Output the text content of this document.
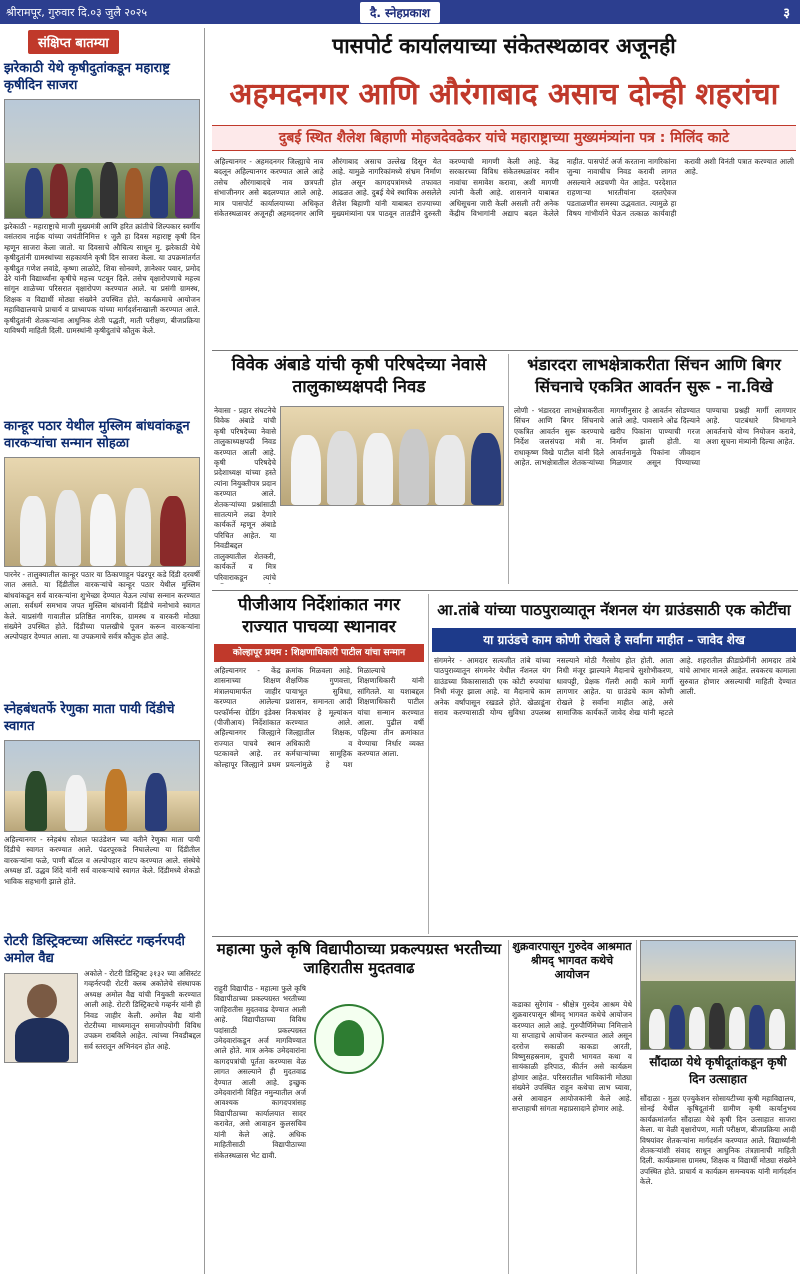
श्रीरामपूर, गुरुवार दि.०३ जुलै २०२५	दै. स्नेहप्रकाश	३
संक्षिप्त बातम्या
झरेकाठी येथे कृषीदुतांकडून महाराष्ट्र कृषीदिन साजरा
झरेकाठी - महाराष्ट्राचे माजी मुख्यमंत्री आणि हरित क्रांतीचे शिल्पकार स्वर्गीय वसंतराव नाईक यांच्या जयंतीनिमित्त १ जुलै हा दिवस महाराष्ट्र कृषी दिन म्हणून साजरा केला जातो. या दिवसाचे औचित्य साधून मु. झरेकाठी येथे कृषीदुतांनी ग्रामस्थांच्या सहकार्याने कृषी दिन साजरा केला. या उपक्रमांतर्गत कृषीदुत गणेश लवांडे, कृष्णा लाळोटे, शिवा सोनवणे, ज्ञानेश्वर पवार, प्रमोद ढेरे यांनी विद्यार्थ्यांना कृषीचे महत्त्व पटवून दिले. तसेच वृक्षारोपणाचे महत्त्व सांगून शाळेच्या परिसरात वृक्षारोपण करण्यात आले. या प्रसंगी ग्रामस्थ, शिक्षक व विद्यार्थी मोठ्या संख्येने उपस्थित होते. कार्यक्रमाचे आयोजन महाविद्यालयाचे प्राचार्य व प्राध्यापक यांच्या मार्गदर्शनाखाली करण्यात आले. कृषीदुतांनी शेतकऱ्यांना आधुनिक शेती पद्धती, माती परीक्षण, बीजप्रक्रिया याविषयी माहिती दिली. ग्रामस्थांनी कृषीदुतांचे कौतुक केले.
कान्हूर पठार येथील मुस्लिम बांधवांकडून वारकऱ्यांचा सन्मान सोहळा
पारनेर - तालुक्यातील कान्हूर पठार या ठिकाणाहून पंढरपूर कडे दिंडी दरवर्षी जात असते. या दिंडीतील वारकऱ्यांचे कान्हूर पठार येथील मुस्लिम बांधवांकडून सर्व वारकऱ्यांना शुभेच्छा देण्यात येऊन त्यांचा सन्मान करण्यात आला. सर्वधर्म समभाव जपत मुस्लिम बांधवांनी दिंडीचे मनोभावे स्वागत केले. याप्रसंगी गावातील प्रतिष्ठित नागरिक, ग्रामस्थ व वारकरी मोठ्या संख्येने उपस्थित होते. दिंडीच्या पालखीचे पूजन करून वारकऱ्यांना अल्पोपहार देण्यात आला. या उपक्रमाचे सर्वत्र कौतुक होत आहे.
स्नेहबंधतर्फे रेणुका माता पायी दिंडीचे स्वागत
अहिल्यानगर - स्नेहबंध सोशल फाउंडेशन च्या वतीने रेणुका माता पायी दिंडीचे स्वागत करण्यात आले. पंढरपूरकडे निघालेल्या या दिंडीतील वारकऱ्यांना फळे, पाणी बॉटल व अल्पोपहार वाटप करण्यात आले. संस्थेचे अध्यक्ष डॉ. उद्धव शिंदे यांनी सर्व वारकऱ्यांचे स्वागत केले. दिंडीमध्ये शेकडो भाविक सहभागी झाले होते.
रोटरी डिस्ट्रिक्टच्या असिस्टंट गव्हर्नरपदी अमोल वैद्य
अकोले - रोटरी डिस्ट्रिक्ट ३१३२ च्या असिस्टंट गव्हर्नरपदी रोटरी क्लब अकोलेचे संस्थापक अध्यक्ष अमोल वैद्य यांची नियुक्ती करण्यात आली आहे. रोटरी डिस्ट्रिक्टचे गव्हर्नर यांनी ही निवड जाहीर केली. अमोल वैद्य यांनी रोटरीच्या माध्यमातून समाजोपयोगी विविध उपक्रम राबविले आहेत. त्यांच्या निवडीबद्दल सर्व स्तरातून अभिनंदन होत आहे.
पासपोर्ट कार्यालयाच्या संकेतस्थळावर अजूनही
अहमदनगर आणि औरंगाबाद असाच दोन्ही शहरांचा
दुबई स्थित शैलेश बिहाणी मोहजदेवढेकर यांचे महाराष्ट्राच्या मुख्यमंत्र्यांना पत्र : मिलिंद काटे
अहिल्यानगर - अहमदनगर जिल्ह्याचे नाव बदलून अहिल्यानगर करण्यात आले आहे तसेच औरंगाबादचे नाव छत्रपती संभाजीनगर असे बदलण्यात आले आहे. मात्र पासपोर्ट कार्यालयाच्या अधिकृत संकेतस्थळावर अजूनही अहमदनगर आणि औरंगाबाद असाच उल्लेख दिसून येत आहे. यामुळे नागरिकांमध्ये संभ्रम निर्माण होत असून कागदपत्रांमध्ये तफावत आढळत आहे. दुबई येथे स्थायिक असलेले शैलेश बिहाणी यांनी याबाबत राज्याच्या मुख्यमंत्र्यांना पत्र पाठवून तातडीने दुरुस्ती करण्याची मागणी केली आहे. केंद्र सरकारच्या विविध संकेतस्थळांवर नवीन नावांचा समावेश करावा, अशी मागणी त्यांनी केली आहे. शासनाने याबाबत अधिसूचना जारी केली असली तरी अनेक केंद्रीय विभागांनी अद्याप बदल केलेले नाहीत. पासपोर्ट अर्ज करताना नागरिकांना जुन्या नावाचीच निवड करावी लागत असल्याने अडचणी येत आहेत. परदेशात राहणाऱ्या भारतीयांना दस्तऐवज पडताळणीत समस्या उद्भवतात. त्यामुळे हा विषय गांभीर्याने घेऊन तत्काळ कार्यवाही करावी अशी विनंती पत्रात करण्यात आली आहे.
विवेक अंबाडे यांची कृषी परिषदेच्या नेवासे तालुकाध्यक्षपदी निवड
नेवासा - प्रहार संघटनेचे विवेक अंबाडे यांची कृषी परिषदेच्या नेवासे तालुकाध्यक्षपदी निवड करण्यात आली आहे. कृषी परिषदेचे प्रदेशाध्यक्ष यांच्या हस्ते त्यांना नियुक्तीपत्र प्रदान करण्यात आले. शेतकऱ्यांच्या प्रश्नांसाठी सातत्याने लढा देणारे कार्यकर्ते म्हणून अंबाडे परिचित आहेत. या निवडीबद्दल तालुक्यातील शेतकरी, कार्यकर्ते व मित्र परिवाराकडून त्यांचे
भंडारदरा लाभक्षेत्राकरीता सिंचन आणि बिगर सिंचनाचे एकत्रित आवर्तन सुरू - ना.विखे
लोणी - भंडारदरा लाभक्षेत्राकरीता सिंचन आणि बिगर सिंचनाचे एकत्रित आवर्तन सुरू करण्याचे निर्देश जलसंपदा मंत्री ना. राधाकृष्ण विखे पाटील यांनी दिले आहेत. लाभक्षेत्रातील शेतकऱ्यांच्या मागणीनुसार हे आवर्तन सोडण्यात आले आहे. पावसाने ओढ दिल्याने खरीप पिकांना पाण्याची गरज निर्माण झाली होती. या आवर्तनामुळे पिकांना जीवदान मिळणार असून पिण्याच्या पाण्याचा प्रश्नही मार्गी लागणार आहे. पाटबंधारे विभागाने आवर्तनाचे योग्य नियोजन करावे, अशा सूचना मंत्र्यांनी दिल्या आहेत.
पीजीआय निर्देशांकात नगर राज्यात पाचव्या स्थानावर
कोल्हापूर प्रथम : शिक्षणाधिकारी पाटील यांचा सन्मान
अहिल्यानगर - केंद्र शासनाच्या शिक्षण मंत्रालयामार्फत जाहीर करण्यात आलेल्या परफॉर्मन्स ग्रेडिंग इंडेक्स (पीजीआय) निर्देशांकात अहिल्यानगर जिल्ह्याने राज्यात पाचवे स्थान पटकावले आहे. तर कोल्हापूर जिल्ह्याने प्रथम क्रमांक मिळवला आहे. शैक्षणिक गुणवत्ता, पायाभूत सुविधा, प्रशासन, समानता आदी निकषांवर हे मूल्यांकन करण्यात आले. जिल्ह्यातील शिक्षक, अधिकारी व कर्मचाऱ्यांच्या सामूहिक प्रयत्नांमुळे हे यश मिळाल्याचे शिक्षणाधिकारी यांनी सांगितले. या यशाबद्दल शिक्षणाधिकारी पाटील यांचा सन्मान करण्यात आला. पुढील वर्षी पहिल्या तीन क्रमांकात येण्याचा निर्धार व्यक्त करण्यात आला.
आ.तांबे यांच्या पाठपुराव्यातून नॅशनल यंग ग्राउंडसाठी एक कोटींचा
या ग्राउंडचे काम कोणी रोखले हे सर्वांना माहीत – जावेद शेख
संगमनेर - आमदार सत्यजीत तांबे यांच्या पाठपुराव्यातून संगमनेर येथील नॅशनल यंग ग्राउंडच्या विकासासाठी एक कोटी रुपयांचा निधी मंजूर झाला आहे. या मैदानाचे काम अनेक वर्षांपासून रखडले होते. खेळाडूंना सराव करण्यासाठी योग्य सुविधा उपलब्ध नसल्याने मोठी गैरसोय होत होती. आता निधी मंजूर झाल्याने मैदानाचे सुशोभीकरण, धावपट्टी, प्रेक्षक गॅलरी आदी कामे मार्गी लागणार आहेत. या ग्राउंडचे काम कोणी रोखले हे सर्वांना माहीत आहे, असे सामाजिक कार्यकर्ते जावेद शेख यांनी म्हटले आहे. शहरातील क्रीडाप्रेमींनी आमदार तांबे यांचे आभार मानले आहेत. लवकरच कामाला सुरुवात होणार असल्याची माहिती देण्यात आली.
महात्मा फुले कृषि विद्यापीठाच्या प्रकल्पग्रस्त भरतीच्या जाहिरातीस मुदतवाढ
राहुरी विद्यापीठ - महात्मा फुले कृषि विद्यापीठाच्या प्रकल्पग्रस्त भरतीच्या जाहिरातीस मुदतवाढ देण्यात आली आहे. विद्यापीठाच्या विविध पदांसाठी प्रकल्पग्रस्त उमेदवारांकडून अर्ज मागविण्यात आले होते. मात्र अनेक उमेदवारांना कागदपत्रांची पूर्तता करण्यास वेळ लागत असल्याने ही मुदतवाढ देण्यात आली आहे. इच्छुक उमेदवारांनी विहित नमुन्यातील अर्ज आवश्यक कागदपत्रांसह विद्यापीठाच्या कार्यालयात सादर करावेत, असे आवाहन कुलसचिव यांनी केले आहे. अधिक माहितीसाठी विद्यापीठाच्या संकेतस्थळास भेट द्यावी.
शुक्रवारपासून गुरुदेव आश्रमात श्रीमद् भागवत कथेचे आयोजन
कडाका सुरेगांव - श्रीक्षेत्र गुरुदेव आश्रम येथे शुक्रवारपासून श्रीमद् भागवत कथेचे आयोजन करण्यात आले आहे. गुरुपौर्णिमेच्या निमित्ताने या सप्ताहाचे आयोजन करण्यात आले असून दररोज सकाळी काकडा आरती, विष्णुसहस्रनाम, दुपारी भागवत कथा व सायंकाळी हरिपाठ, कीर्तन असे कार्यक्रम होणार आहेत. परिसरातील भाविकांनी मोठ्या संख्येने उपस्थित राहून कथेचा लाभ घ्यावा, असे आवाहन आयोजकांनी केले आहे. सप्ताहाची सांगता महाप्रसादाने होणार आहे.
सौंदाळा येथे कृषीदूतांकडून कृषी दिन उत्साहात
सौंदाळा - मुळा एज्युकेशन सोसायटीच्या कृषी महाविद्यालय, सोनई येथील कृषिदूतांनी ग्रामीण कृषी कार्यानुभव कार्यक्रमांतर्गत सौंदाळा येथे कृषी दिन उत्साहात साजरा केला. या वेळी वृक्षारोपण, माती परीक्षण, बीजप्रक्रिया आदी विषयांवर शेतकऱ्यांना मार्गदर्शन करण्यात आले. विद्यार्थ्यांनी शेतकऱ्यांशी संवाद साधून आधुनिक तंत्रज्ञानाची माहिती दिली. कार्यक्रमास ग्रामस्थ, शिक्षक व विद्यार्थी मोठ्या संख्येने उपस्थित होते. प्राचार्य व कार्यक्रम समन्वयक यांनी मार्गदर्शन केले.
